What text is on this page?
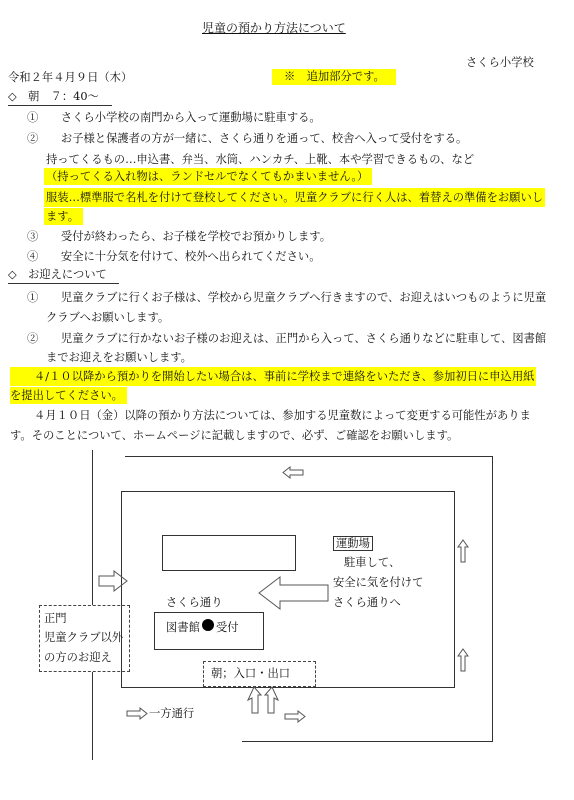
児童の預かり方法について
さくら小学校
令和２年４月９日（木）	※　追加部分です。
◇　朝　７：40～
①　　さくら小学校の南門から入って運動場に駐車する。
②　　お子様と保護者の方が一緒に、さくら通りを通って、校舎へ入って受付をする。
持ってくるもの…申込書、弁当、水筒、ハンカチ、上靴、本や学習できるもの、など
（持ってくる入れ物は、ランドセルでなくてもかまいません。）
服装…標準服で名札を付けて登校してください。児童クラブに行く人は、着替えの準備をお願いし
ます。
③　　受付が終わったら、お子様を学校でお預かりします。
④　　安全に十分気を付けて、校外へ出られてください。
◇　お迎えについて
①　　児童クラブに行くお子様は、学校から児童クラブへ行きますので、お迎えはいつものように児童
クラブへお願いします。
②　　児童クラブに行かないお子様のお迎えは、正門から入って、さくら通りなどに駐車して、図書館
までお迎えをお願いします。
４/１０以降から預かりを開始したい場合は、事前に学校まで連絡をいただき、参加初日に申込用紙
を提出してください。
４月１０日（金）以降の預かり方法については、参加する児童数によって変更する可能性がありま
す。そのことについて、ホームページに記載しますので、必ず、ご確認をお願いします。
運動場
駐車して、
安全に気を付けて
さくら通りへ
さくら通り
図書館 受付
正門
児童クラブ以外
の方のお迎え
朝；入口・出口
一方通行
